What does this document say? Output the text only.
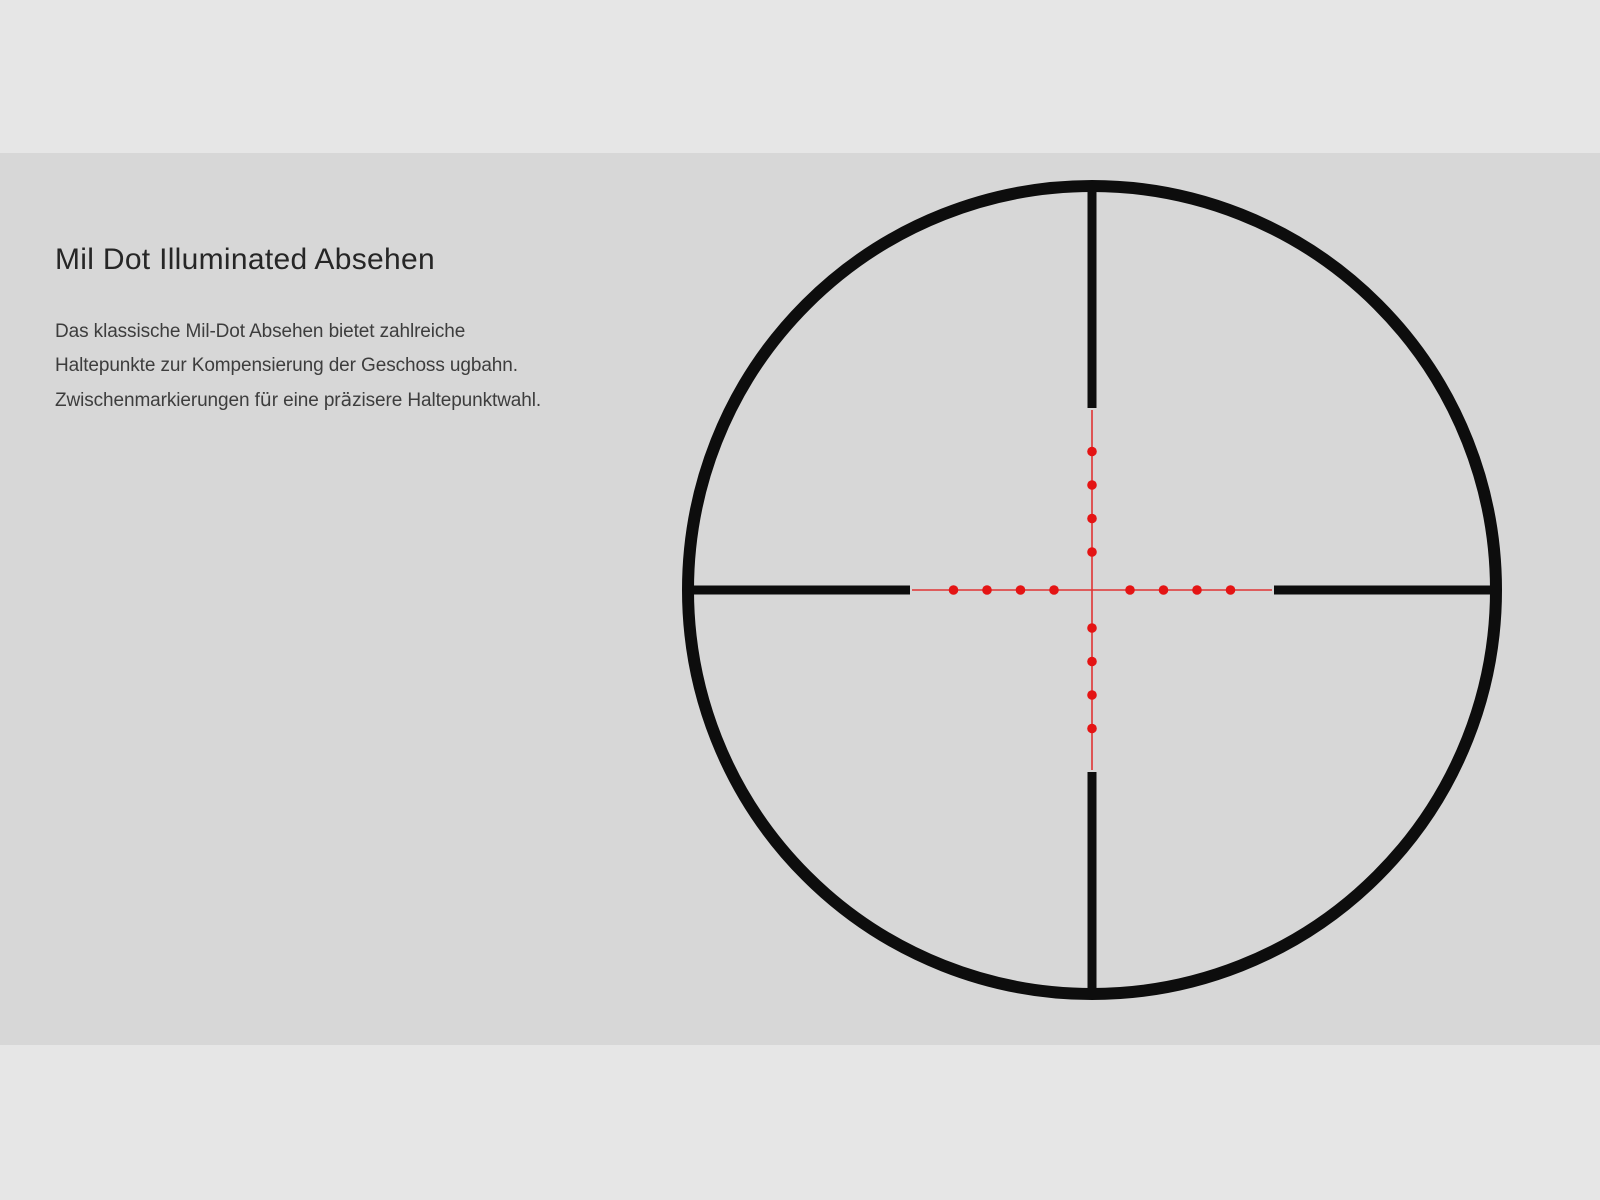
Mil Dot Illuminated Absehen
Das klassische Mil-Dot Absehen bietet zahlreiche
Haltepunkte zur Kompensierung der Geschoss ugbahn.
Zwischenmarkierungen für eine präzisere Haltepunktwahl.
